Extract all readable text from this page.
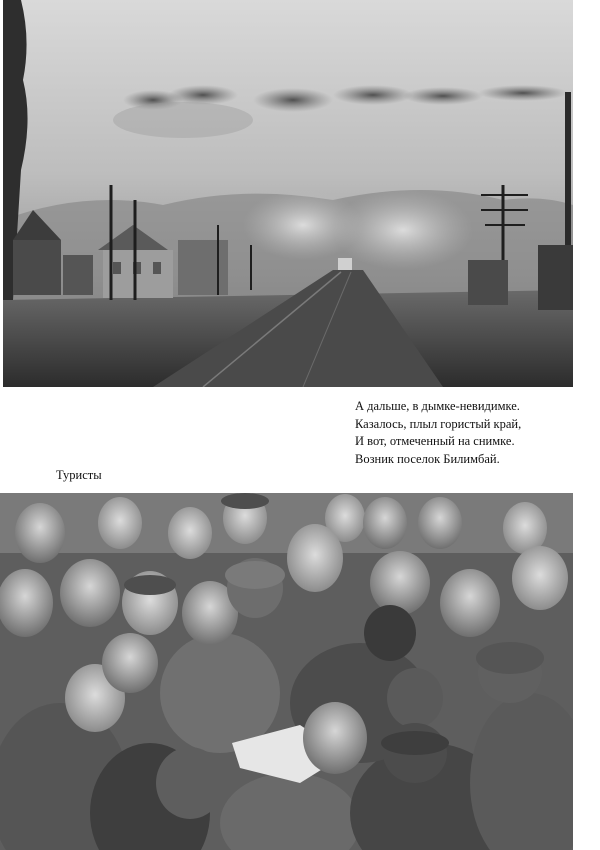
А дальше, в дымке-невидимке.
Казалось, плыл гористый край,
И вот, отмеченный на снимке.
Возник поселок Билимбай.
Туристы
